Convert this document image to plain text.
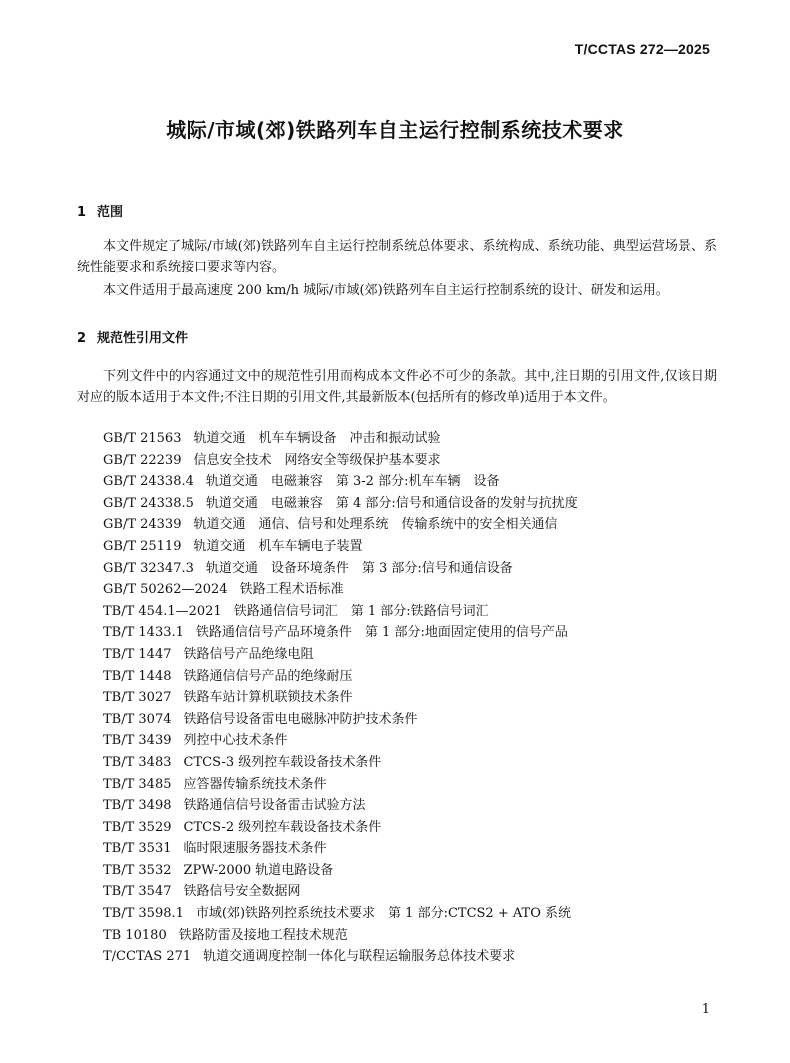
T/CCTAS 272—2025
城际/市域(郊)铁路列车自主运行控制系统技术要求
1 范围

本文件规定了城际/市域(郊)铁路列车自主运行控制系统总体要求、系统构成、系统功能、典型运营场景、系统性能要求和系统接口要求等内容。

本文件适用于最高速度 200 km/h 城际/市域(郊)铁路列车自主运行控制系统的设计、研发和运用。

2 规范性引用文件

下列文件中的内容通过文中的规范性引用而构成本文件必不可少的条款。其中,注日期的引用文件,仅该日期对应的版本适用于本文件;不注日期的引用文件,其最新版本(包括所有的修改单)适用于本文件。

GB/T 21563 轨道交通　机车车辆设备　冲击和振动试验
GB/T 22239 信息安全技术　网络安全等级保护基本要求
GB/T 24338.4 轨道交通　电磁兼容　第 3-2 部分:机车车辆　设备
GB/T 24338.5 轨道交通　电磁兼容　第 4 部分:信号和通信设备的发射与抗扰度
GB/T 24339 轨道交通　通信、信号和处理系统　传输系统中的安全相关通信
GB/T 25119 轨道交通　机车车辆电子装置
GB/T 32347.3 轨道交通　设备环境条件　第 3 部分:信号和通信设备
GB/T 50262—2024 铁路工程术语标准
TB/T 454.1—2021 铁路通信信号词汇　第 1 部分:铁路信号词汇
TB/T 1433.1 铁路通信信号产品环境条件　第 1 部分:地面固定使用的信号产品
TB/T 1447 铁路信号产品绝缘电阻
TB/T 1448 铁路通信信号产品的绝缘耐压
TB/T 3027 铁路车站计算机联锁技术条件
TB/T 3074 铁路信号设备雷电电磁脉冲防护技术条件
TB/T 3439 列控中心技术条件
TB/T 3483 CTCS-3 级列控车载设备技术条件
TB/T 3485 应答器传输系统技术条件
TB/T 3498 铁路通信信号设备雷击试验方法
TB/T 3529 CTCS-2 级列控车载设备技术条件
TB/T 3531 临时限速服务器技术条件
TB/T 3532 ZPW-2000 轨道电路设备
TB/T 3547 铁路信号安全数据网
TB/T 3598.1 市域(郊)铁路列控系统技术要求　第 1 部分:CTCS2 + ATO 系统
TB 10180 铁路防雷及接地工程技术规范
T/CCTAS 271 轨道交通调度控制一体化与联程运输服务总体技术要求
1
